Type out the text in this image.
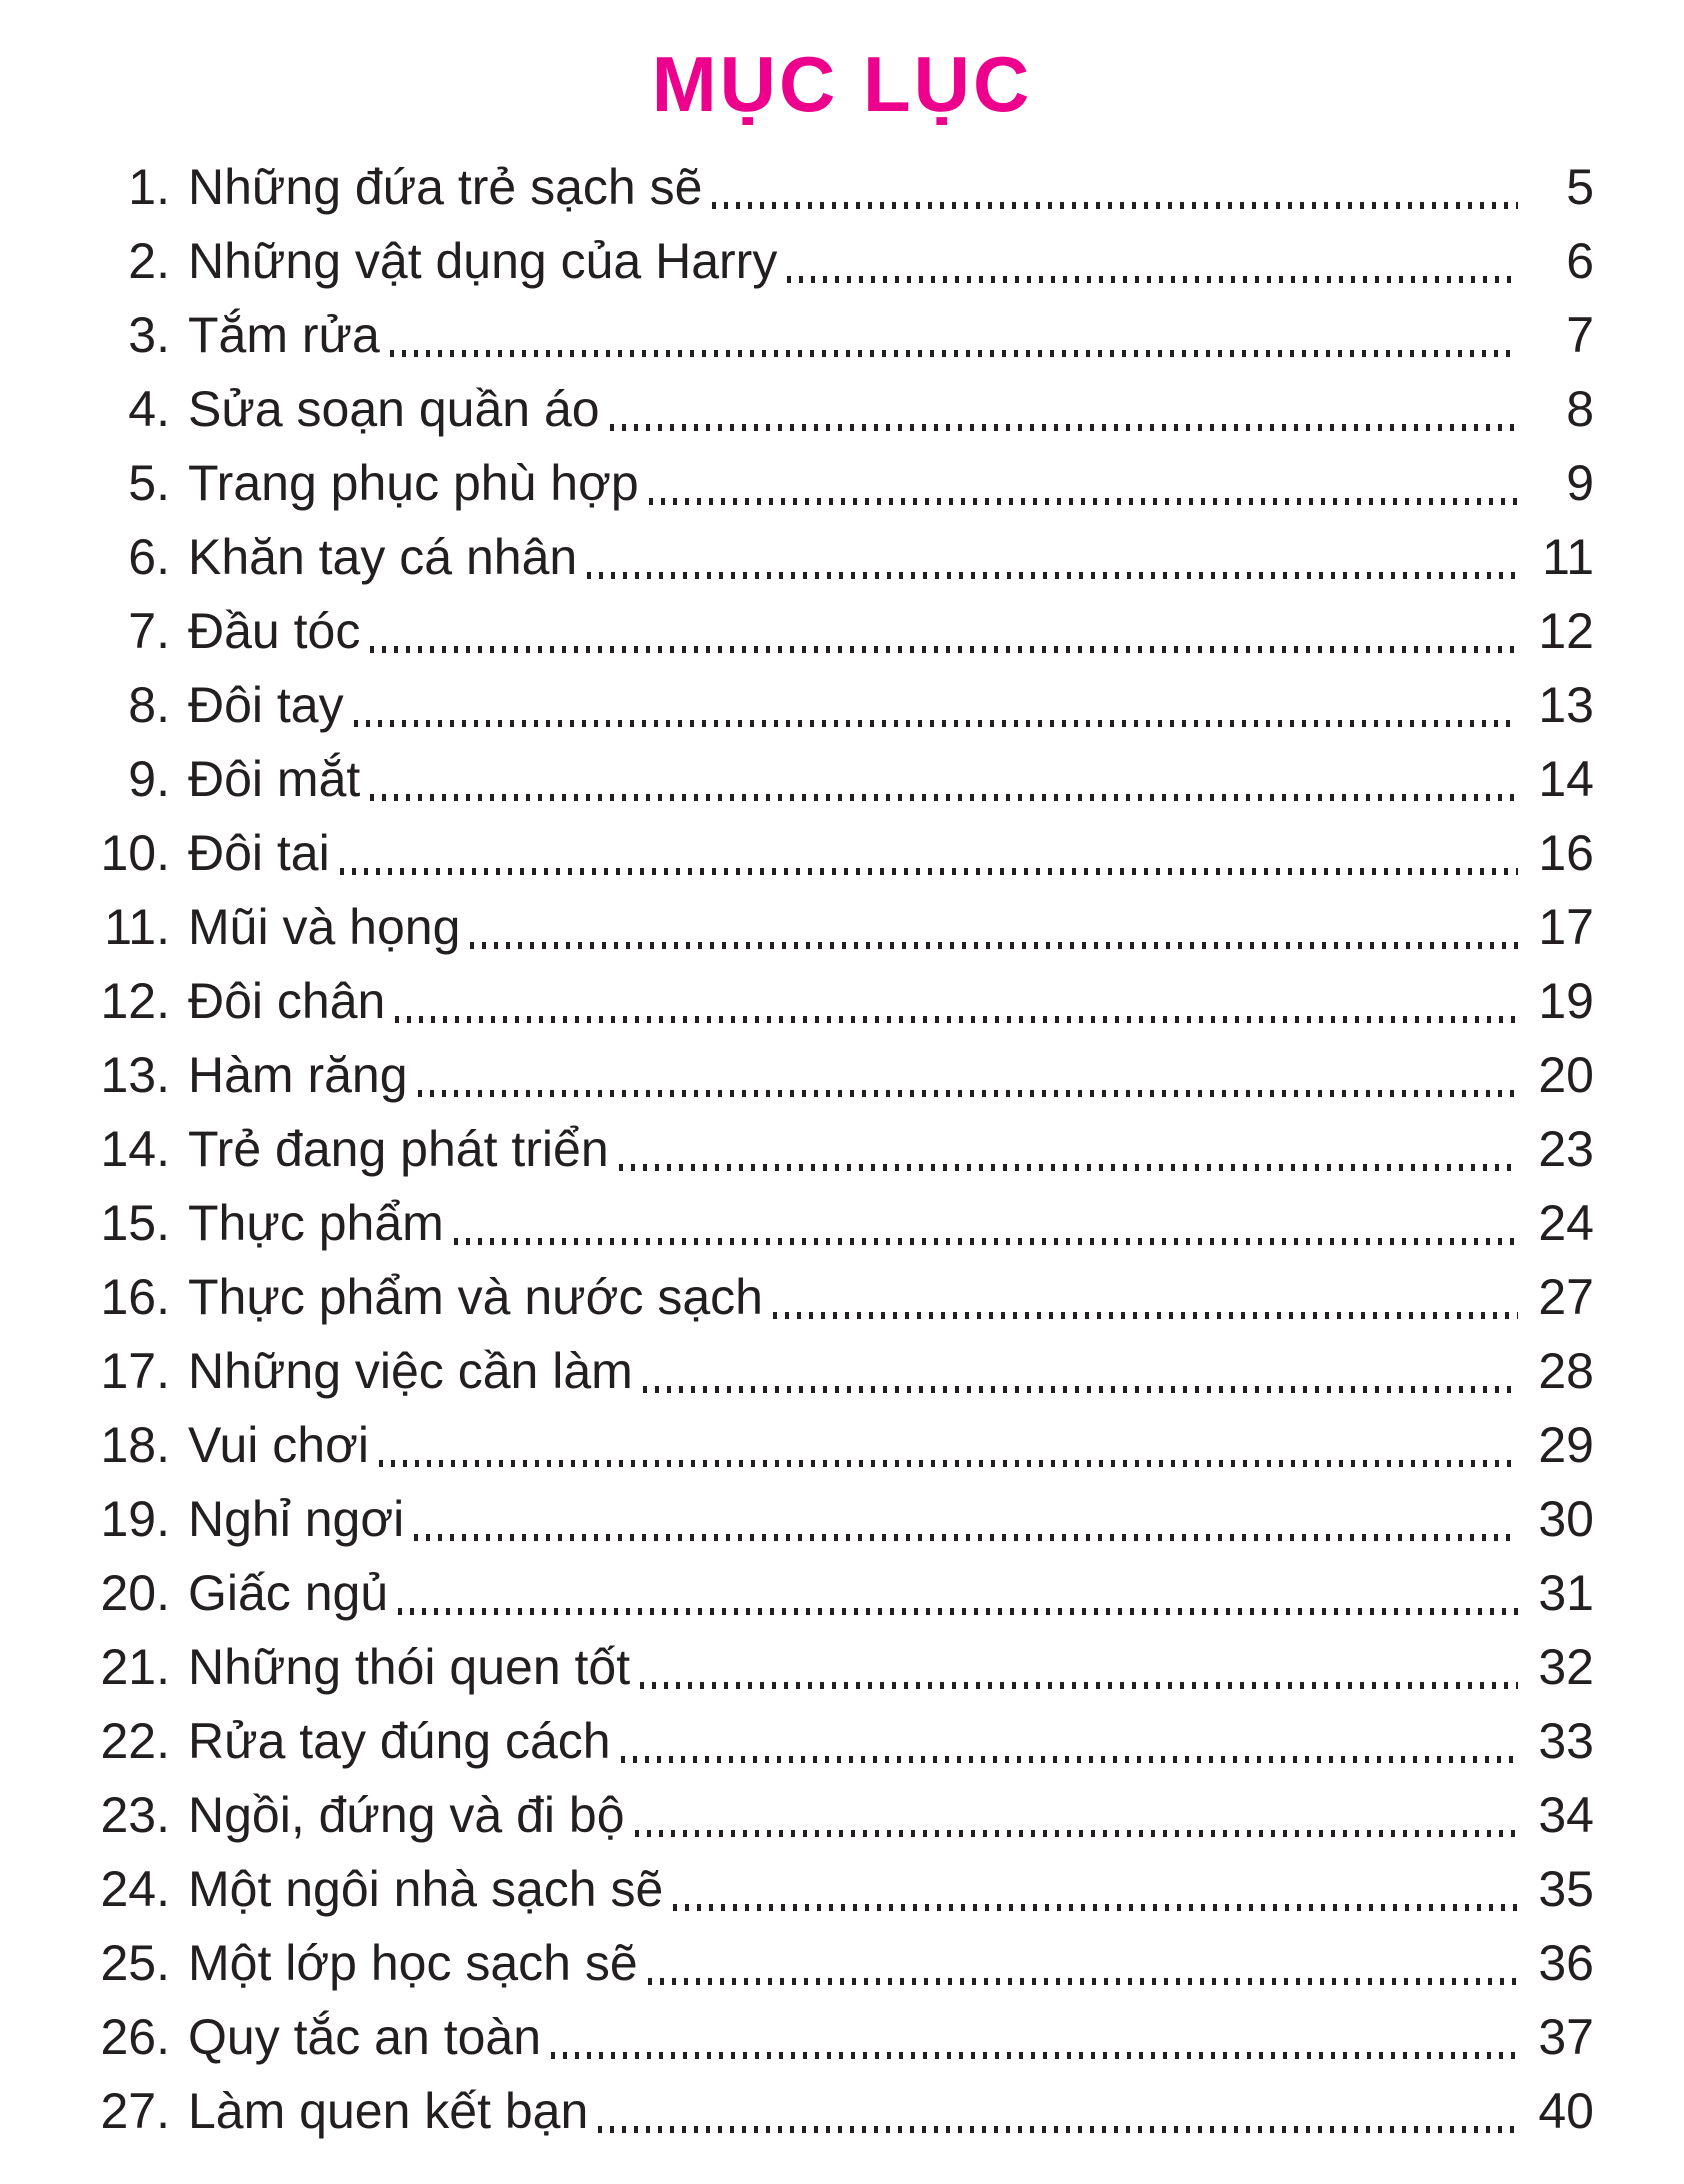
MỤC LỤC
1. Những đứa trẻ sạch sẽ	5
2. Những vật dụng của Harry	6
3. Tắm rửa	7
4. Sửa soạn quần áo	8
5. Trang phục phù hợp	9
6. Khăn tay cá nhân	11
7. Đầu tóc	12
8. Đôi tay	13
9. Đôi mắt	14
10. Đôi tai	16
11. Mũi và họng	17
12. Đôi chân	19
13. Hàm răng	20
14. Trẻ đang phát triển	23
15. Thực phẩm	24
16. Thực phẩm và nước sạch	27
17. Những việc cần làm	28
18. Vui chơi	29
19. Nghỉ ngơi	30
20. Giấc ngủ	31
21. Những thói quen tốt	32
22. Rửa tay đúng cách	33
23. Ngồi, đứng và đi bộ	34
24. Một ngôi nhà sạch sẽ	35
25. Một lớp học sạch sẽ	36
26. Quy tắc an toàn	37
27. Làm quen kết bạn	40
